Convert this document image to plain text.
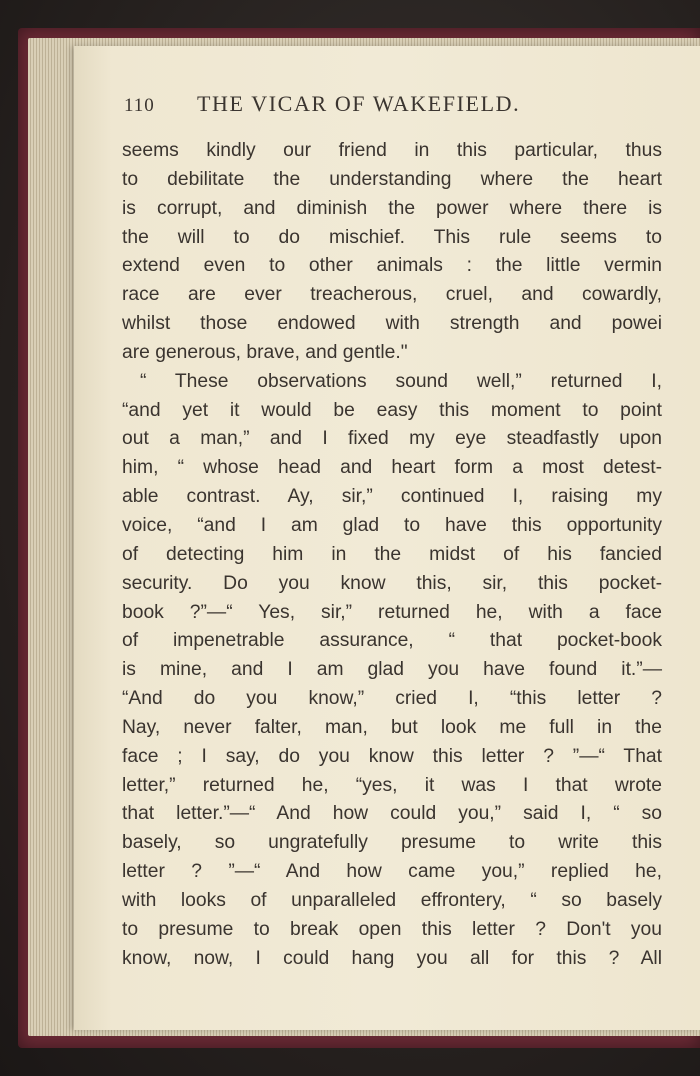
110 THE VICAR OF WAKEFIELD.
seems kindly our friend in this particular, thus
to debilitate the understanding where the heart
is corrupt, and diminish the power where there is
the will to do mischief. This rule seems to
extend even to other animals : the little vermin
race are ever treacherous, cruel, and cowardly,
whilst those endowed with strength and powei
are generous, brave, and gentle."
“ These observations sound well,” returned I,
“and yet it would be easy this moment to point
out a man,” and I fixed my eye steadfastly upon
him, “ whose head and heart form a most detest-
able contrast. Ay, sir,” continued I, raising my
voice, “and I am glad to have this opportunity
of detecting him in the midst of his fancied
security. Do you know this, sir, this pocket-
book ?”—“ Yes, sir,” returned he, with a face
of impenetrable assurance, “ that pocket-book
is mine, and I am glad you have found it.”—
“And do you know,” cried I, “this letter ?
Nay, never falter, man, but look me full in the
face ; I say, do you know this letter ? ”—“ That
letter,” returned he, “yes, it was I that wrote
that letter.”—“ And how could you,” said I, “ so
basely, so ungratefully presume to write this
letter ? ”—“ And how came you,” replied he,
with looks of unparalleled effrontery, “ so basely
to presume to break open this letter ? Don't you
know, now, I could hang you all for this ? All
